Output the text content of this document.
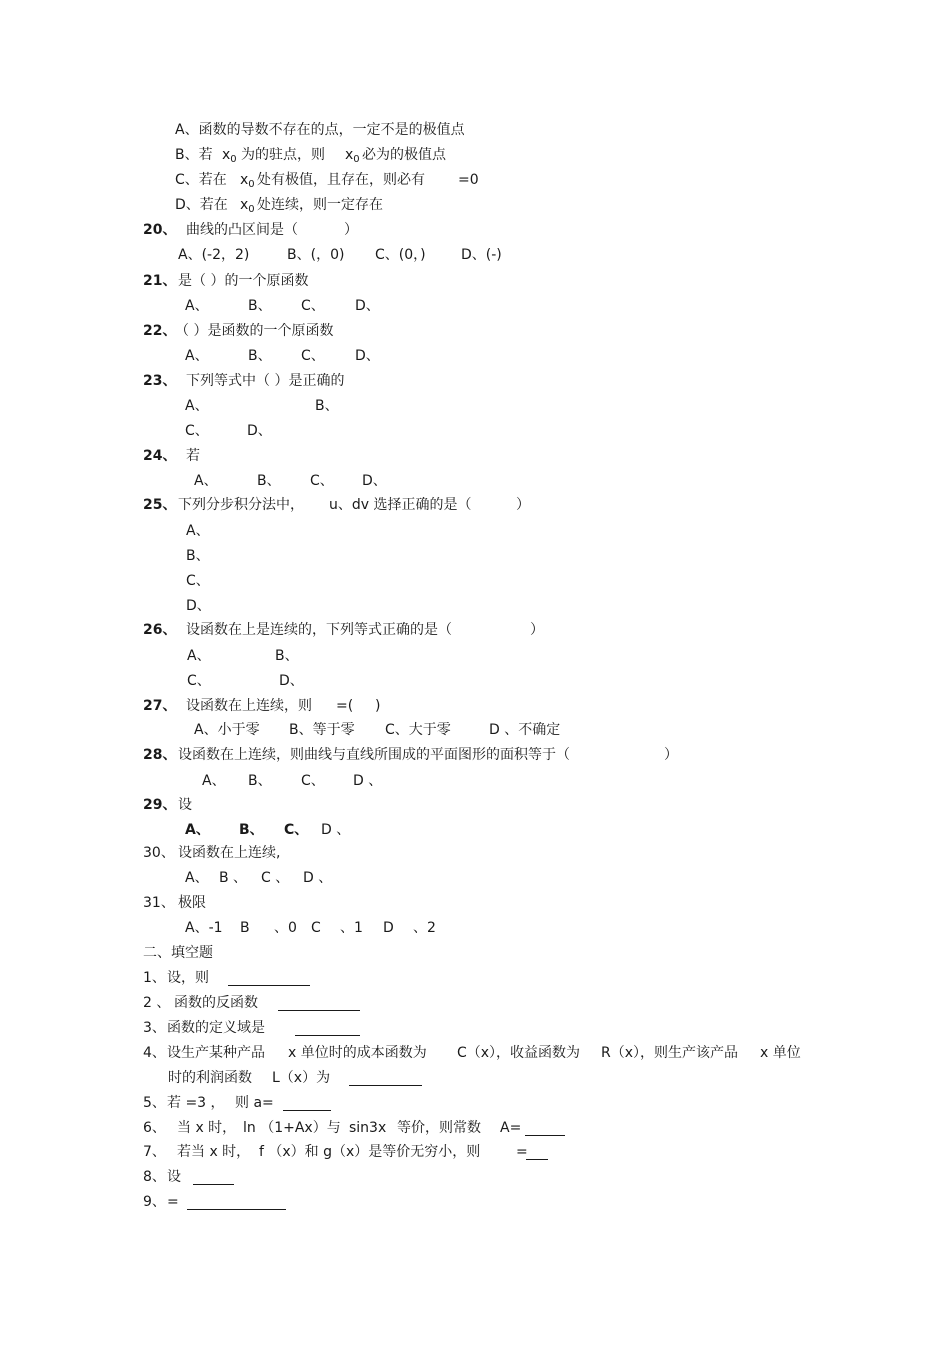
A、函数的导数不存在的点，一定不是的极值点
B、若 $x_0$ 为的驻点，则 $x_0$ 必为的极值点
C、若在 $x_0$ 处有极值，且存在，则必有 =0
D、若在 $x_0$ 处连续，则一定存在
20、 曲线的凸区间是（	）
A、(-2，2)	B、(，0) C、(0，)	D、(-)
21、 是（ ）的一个原函数
A、	B、 C、 D、
22、
（ ）是函数的一个原函数
A、	B、 C、 D、
23、 下列等式中（ ）是正确的
A、	B、
C、	D、
24、 若
A、	B、 C、 D、
25、 下列分步积分法中， u、dv 选择正确的是（	）
A、
B、
C、
D、
26、 设函数在上是连续的，下列等式正确的是（	）
A、	B、
C、	D、
27、 设函数在上连续，则 =( )
A、小于零 B、等于零 C、大于零	D 、不确定
28、 设函数在上连续，则曲线与直线所围成的平面图形的面积等于（	）
A、 B、 C、 D 、
29、 设
A、 B、 C、 D 、
30、 设函数在上连续,
A、 B 、 C 、 D 、
31、 极限
A、-1 B 、0 C 、1 D 、2
二、填空题
1、 设，则
2 、 函数的反函数
3、 函数的定义域是
4、 设生产某种产品 x 单位时的成本函数为 C（x），收益函数为 R（x），则生产该产品 x 单位
时的利润函数 L（x）为
5、 若 =3 ， 则 a=
6、 当 x 时， ln （1+Ax）与 sin3x 等价，则常数 A=
7、 若当 x 时， f （x）和 g（x）是等价无穷小，则	=
8、 设
9、 =
